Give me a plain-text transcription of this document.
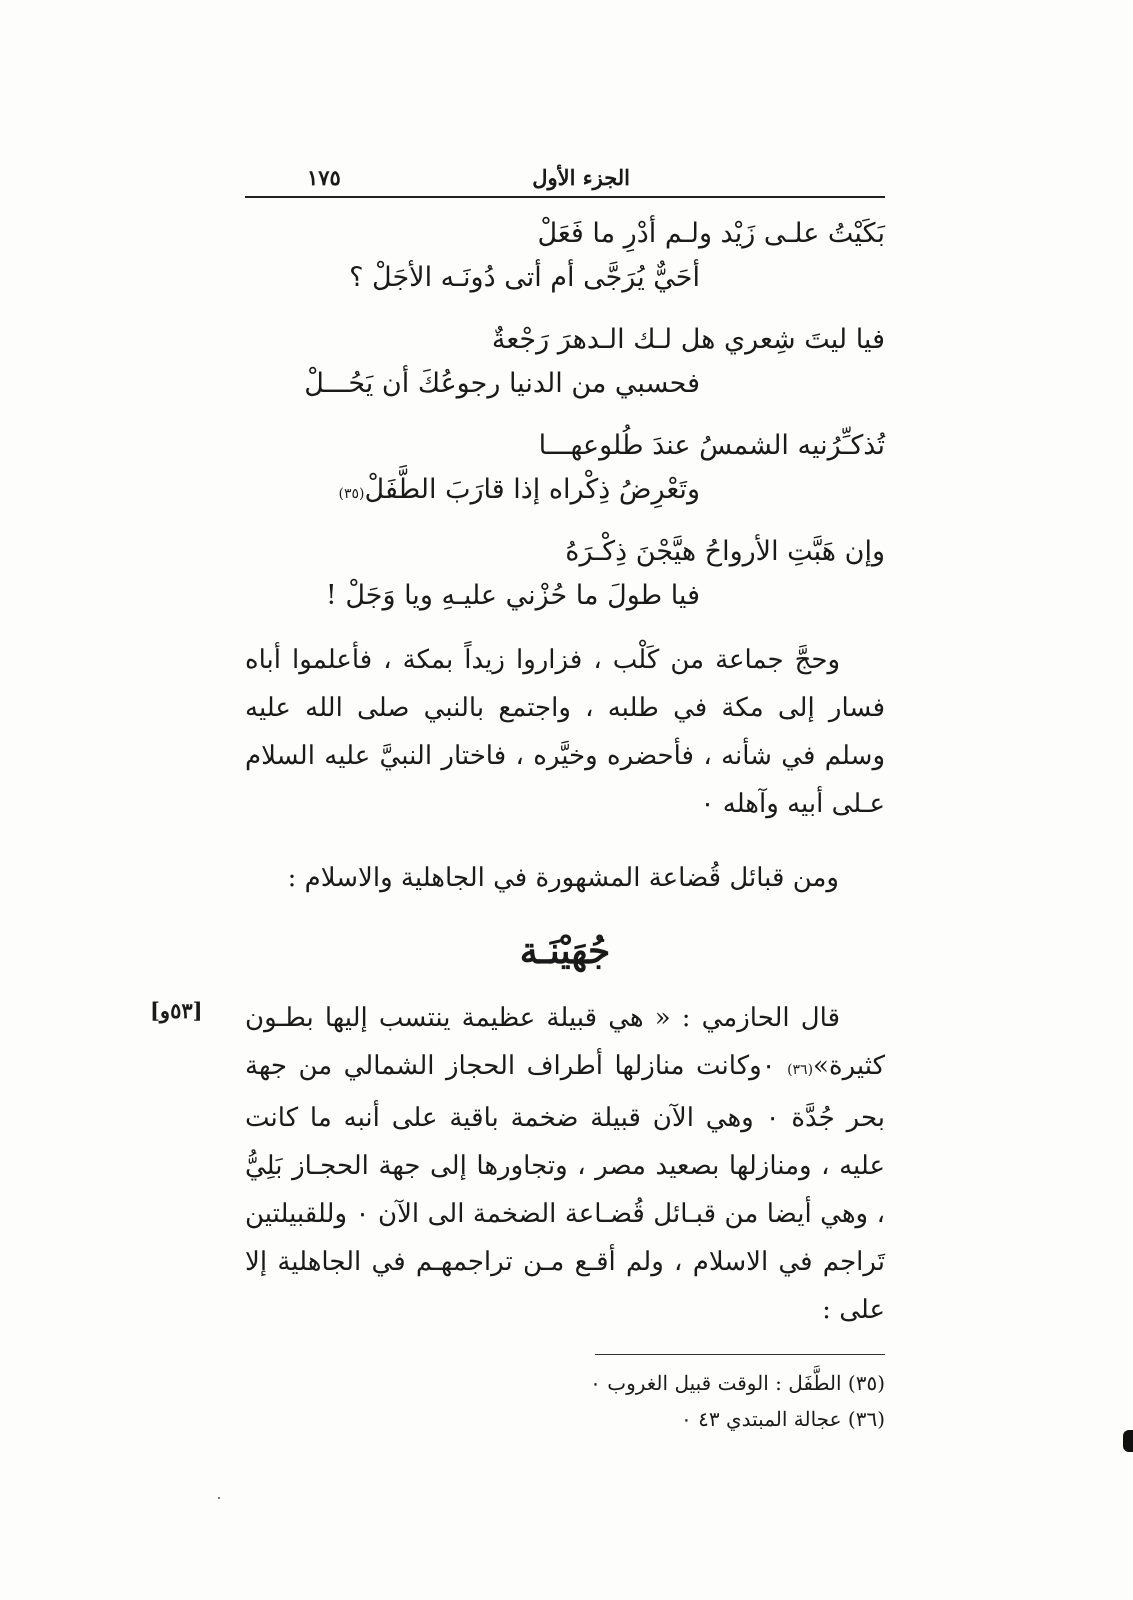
الجزء الأول
١٧٥
بَكَيْتُ علـى زَيْد ولـم أدْرِ ما فَعَلْ
أحَيٌّ يُرَجَّى أم أتى دُونَـه الأجَلْ ؟
فيا ليتَ شِعري هل لـك الـدهرَ رَجْعةٌ
فحسبي من الدنيا رجوعُكَ أن يَحُـــلْ
تُذكـِّرُنيه الشمسُ عندَ طُلوعهـــا
وتَعْرِضُ ذِكْراه إذا قارَبَ الطَّفَلْ(٣٥)
وإن هَبَّتِ الأرواحُ هيَّجْنَ ذِكْـرَهُ
فيا طولَ ما حُزْني عليـهِ ويا وَجَلْ !

وحجَّ جماعة من كَلْب ، فزاروا زيداً بمكة ، فأعلموا أباه فسار إلى مكة في طلبه ، واجتمع بالنبي صلى الله عليه وسلم في شأنه ، فأحضره وخيَّره ، فاختار النبيَّ عليه السلام عـلى أبيه وآهله ٠

ومن قبائل قُضاعة المشهورة في الجاهلية والاسلام :
جُهَيْنَـة
[٥٣و] قال الحازمي : « هي قبيلة عظيمة ينتسب إليها بطـون كثيرة»(٣٦) ٠وكانت منازلها أطراف الحجاز الشمالي من جهة بحر جُدَّة ٠ وهي الآن قبيلة ضخمة باقية على أنبه ما كانت عليه ، ومنازلها بصعيد مصر ، وتجاورها إلى جهة الحجـاز بَلِيُّ ، وهي أيضا من قبـائل قُضـاعة الضخمة الى الآن ٠ وللقبيلتين تَراجم في الاسلام ، ولم أقـع مـن تراجمهـم في الجاهلية إلا على :

(٣٥) الطَّفَل : الوقت قبيل الغروب ٠
(٣٦) عجالة المبتدي ٤٣ ٠
